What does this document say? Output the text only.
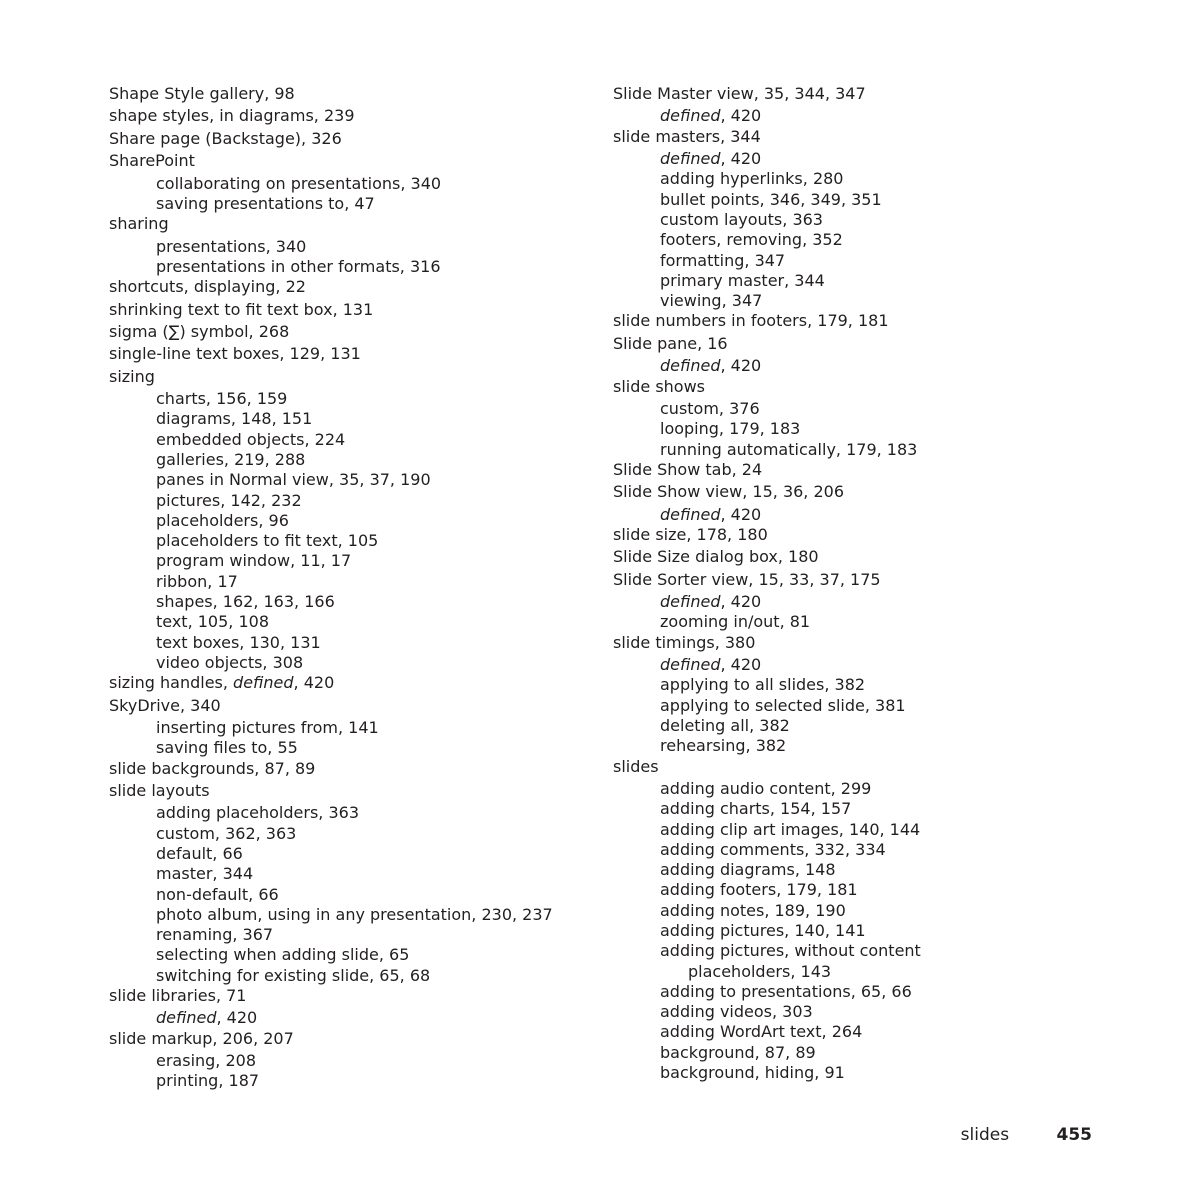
Shape Style gallery, 98
shape styles, in diagrams, 239
Share page (Backstage), 326
SharePoint
collaborating on presentations, 340
saving presentations to, 47
sharing
presentations, 340
presentations in other formats, 316
shortcuts, displaying, 22
shrinking text to fit text box, 131
sigma (∑) symbol, 268
single-line text boxes, 129, 131
sizing
charts, 156, 159
diagrams, 148, 151
embedded objects, 224
galleries, 219, 288
panes in Normal view, 35, 37, 190
pictures, 142, 232
placeholders, 96
placeholders to fit text, 105
program window, 11, 17
ribbon, 17
shapes, 162, 163, 166
text, 105, 108
text boxes, 130, 131
video objects, 308
sizing handles, defined, 420
SkyDrive, 340
inserting pictures from, 141
saving files to, 55
slide backgrounds, 87, 89
slide layouts
adding placeholders, 363
custom, 362, 363
default, 66
master, 344
non-default, 66
photo album, using in any presentation, 230, 237
renaming, 367
selecting when adding slide, 65
switching for existing slide, 65, 68
slide libraries, 71
defined, 420
slide markup, 206, 207
erasing, 208
printing, 187
Slide Master view, 35, 344, 347
defined, 420
slide masters, 344
defined, 420
adding hyperlinks, 280
bullet points, 346, 349, 351
custom layouts, 363
footers, removing, 352
formatting, 347
primary master, 344
viewing, 347
slide numbers in footers, 179, 181
Slide pane, 16
defined, 420
slide shows
custom, 376
looping, 179, 183
running automatically, 179, 183
Slide Show tab, 24
Slide Show view, 15, 36, 206
defined, 420
slide size, 178, 180
Slide Size dialog box, 180
Slide Sorter view, 15, 33, 37, 175
defined, 420
zooming in/out, 81
slide timings, 380
defined, 420
applying to all slides, 382
applying to selected slide, 381
deleting all, 382
rehearsing, 382
slides
adding audio content, 299
adding charts, 154, 157
adding clip art images, 140, 144
adding comments, 332, 334
adding diagrams, 148
adding footers, 179, 181
adding notes, 189, 190
adding pictures, 140, 141
adding pictures, without content
placeholders, 143
adding to presentations, 65, 66
adding videos, 303
adding WordArt text, 264
background, 87, 89
background, hiding, 91
slides	455
